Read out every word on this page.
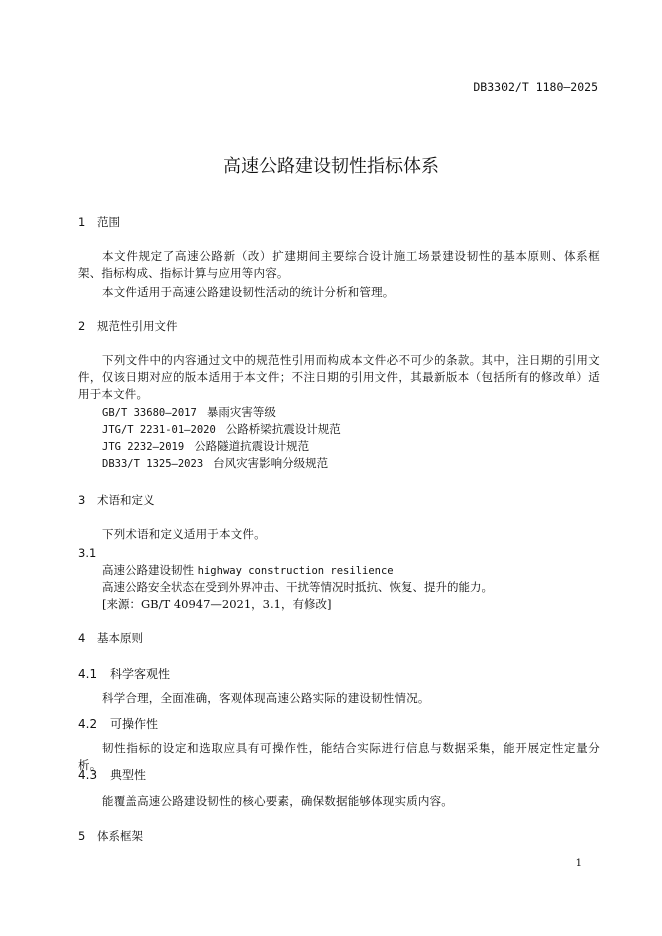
DB3302/T 1180—2025
高速公路建设韧性指标体系
1 范围
本文件规定了高速公路新（改）扩建期间主要综合设计施工场景建设韧性的基本原则、体系框架、指标构成、指标计算与应用等内容。
本文件适用于高速公路建设韧性活动的统计分析和管理。
2 规范性引用文件
下列文件中的内容通过文中的规范性引用而构成本文件必不可少的条款。其中，注日期的引用文件，仅该日期对应的版本适用于本文件；不注日期的引用文件，其最新版本（包括所有的修改单）适用于本文件。
GB/T 33680—2017 暴雨灾害等级
JTG/T 2231-01—2020 公路桥梁抗震设计规范
JTG 2232—2019 公路隧道抗震设计规范
DB33/T 1325—2023 台风灾害影响分级规范
3 术语和定义
下列术语和定义适用于本文件。
3.1
高速公路建设韧性 highway construction resilience
高速公路安全状态在受到外界冲击、干扰等情况时抵抗、恢复、提升的能力。
[来源：GB/T 40947—2021，3.1，有修改]
4 基本原则
4.1 科学客观性
科学合理，全面准确，客观体现高速公路实际的建设韧性情况。
4.2 可操作性
韧性指标的设定和选取应具有可操作性，能结合实际进行信息与数据采集，能开展定性定量分析。
4.3 典型性
能覆盖高速公路建设韧性的核心要素，确保数据能够体现实质内容。
5 体系框架
1
